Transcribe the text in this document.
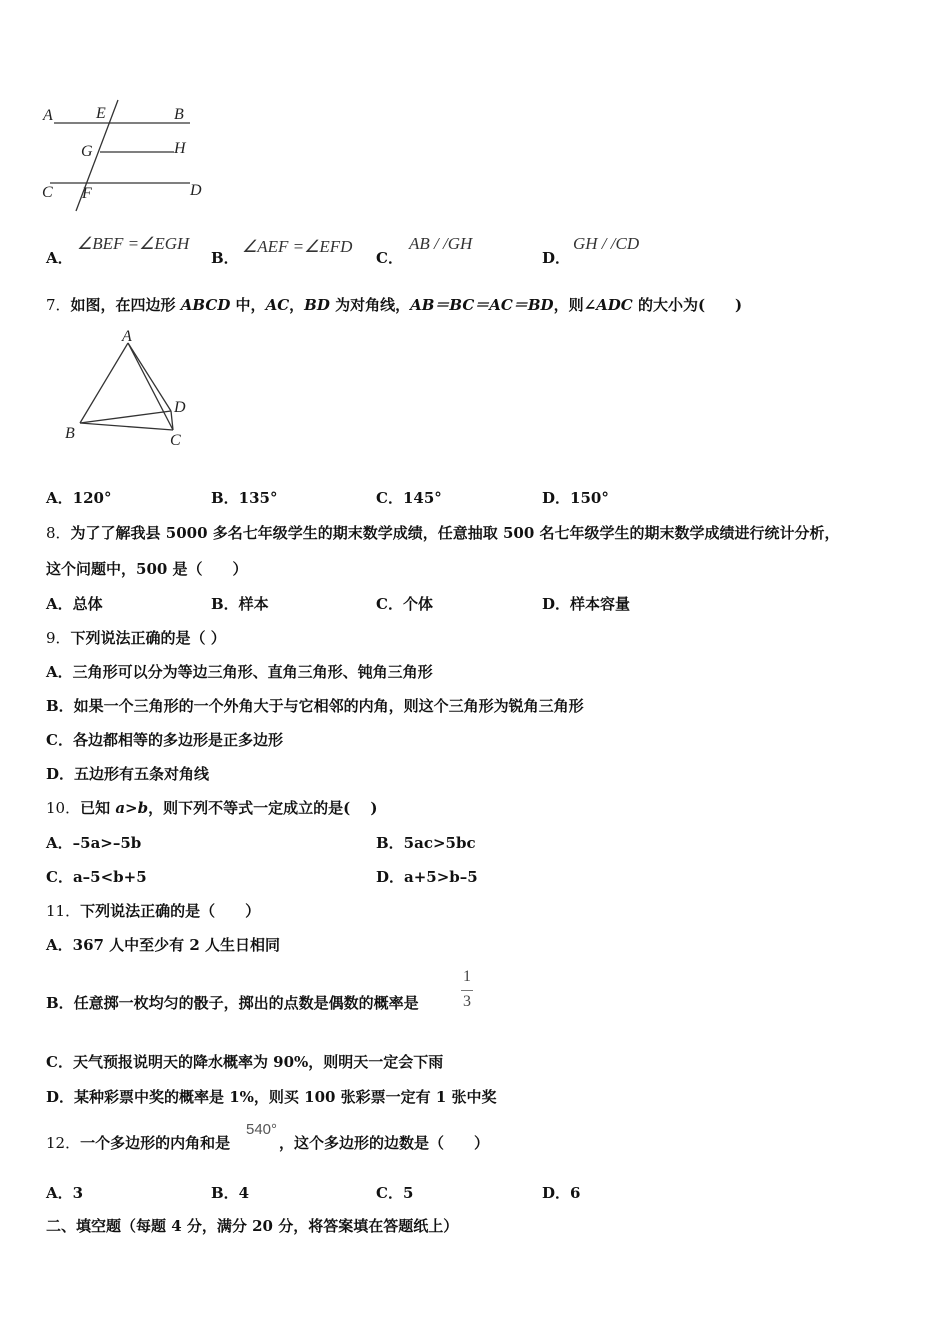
A	E	B
G	H
C F	D
A．
∠BEF =∠EGH
B．
∠AEF =∠EFD
C．
AB / /GH
D．
GH / /CD
7．如图，在四边形 ABCD 中，AC，BD 为对角线，AB＝BC＝AC＝BD，则∠ADC 的大小为(　　)
A
B	C
D
A．120°	B．135°	C．145°	D．150°
8．为了了解我县 5000 多名七年级学生的期末数学成绩，任意抽取 500 名七年级学生的期末数学成绩进行统计分析，
这个问题中，500 是（　　）
A．总体	B．样本	C．个体	D．样本容量
9．下列说法正确的是（ ）
A．三角形可以分为等边三角形、直角三角形、钝角三角形
B．如果一个三角形的一个外角大于与它相邻的内角，则这个三角形为锐角三角形
C．各边都相等的多边形是正多边形
D．五边形有五条对角线
10．已知 a>b，则下列不等式一定成立的是(　 )
A．–5a>–5b	B．5ac>5bc
C．a–5<b+5	D．a+5>b–5
11．下列说法正确的是（　　）
A．367 人中至少有 2 人生日相同
B．任意掷一枚均匀的骰子，掷出的点数是偶数的概率是
1
3
C．天气预报说明天的降水概率为 90%，则明天一定会下雨
D．某种彩票中奖的概率是 1%，则买 100 张彩票一定有 1 张中奖
12．一个多边形的内角和是
540°
，这个多边形的边数是（　　）
A．3	B．4	C．5	D．6
二、填空题（每题 4 分，满分 20 分，将答案填在答题纸上）
